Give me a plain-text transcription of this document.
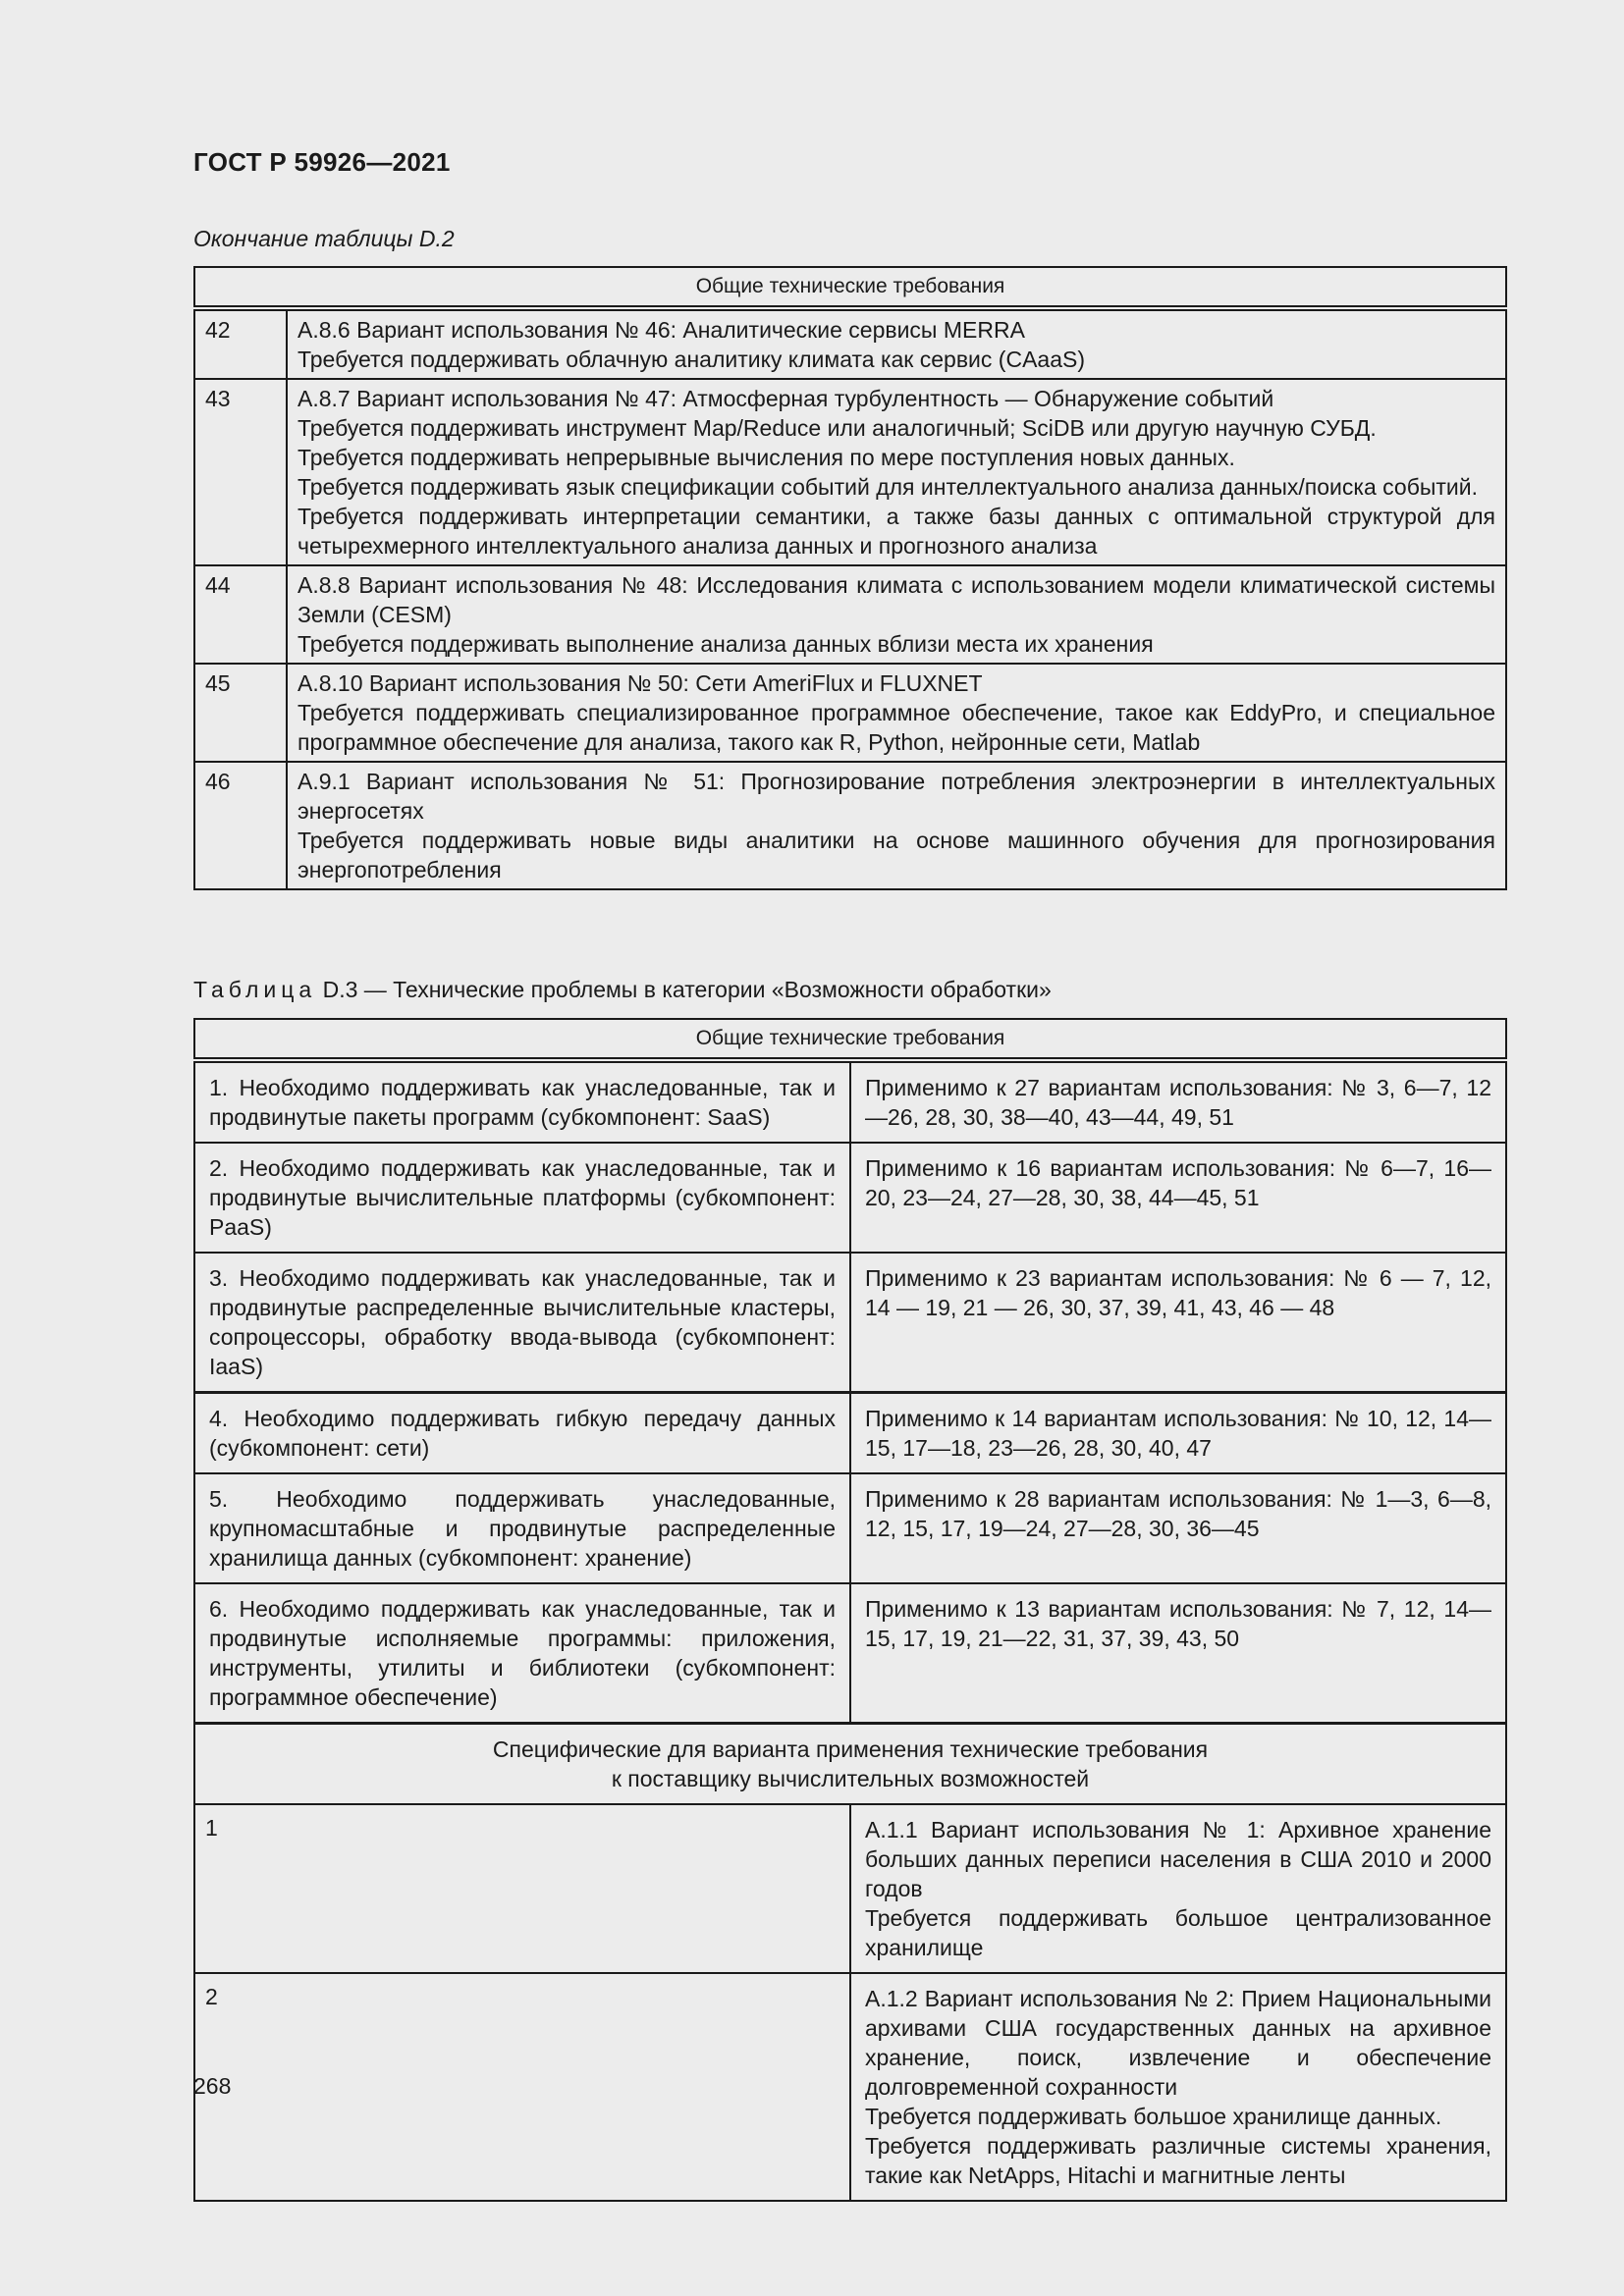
ГОСТ Р 59926—2021
Окончание таблицы D.2
Общие технические требования	
42	А.8.6 Вариант использования № 46: Аналитические сервисы MERRA
Требуется поддерживать облачную аналитику климата как сервис (CAaaS)

43	А.8.7 Вариант использования № 47: Атмосферная турбулентность — Обнаружение событий
Требуется поддерживать инструмент Map/Reduce или аналогичный; SciDB или другую научную СУБД.
Требуется поддерживать непрерывные вычисления по мере поступления новых данных.
Требуется поддерживать язык спецификации событий для интеллектуального анализа данных/поиска событий.
Требуется поддерживать интерпретации семантики, а также базы данных с оптимальной структурой для четырехмерного интеллектуального анализа данных и прогнозного анализа

44	А.8.8 Вариант использования № 48: Исследования климата с использованием модели климатической системы Земли (CESM)
Требуется поддерживать выполнение анализа данных вблизи места их хранения

45	А.8.10 Вариант использования № 50: Сети AmeriFlux и FLUXNET
Требуется поддерживать специализированное программное обеспечение, такое как EddyPro, и специальное программное обеспечение для анализа, такого как R, Python, нейронные сети, Matlab

46	А.9.1 Вариант использования № 51: Прогнозирование потребления электроэнергии в интеллектуальных энергосетях
Требуется поддерживать новые виды аналитики на основе машинного обучения для прогнозирования энергопотребления
Таблица D.3 — Технические проблемы в категории «Возможности обработки»
Общие технические требования	
1. Необходимо поддерживать как унаследованные, так и продвинутые пакеты программ (субкомпонент: SaaS)	Применимо к 27 вариантам использования: № 3, 6—7, 12—26, 28, 30, 38—40, 43—44, 49, 51
2. Необходимо поддерживать как унаследованные, так и продвинутые вычислительные платформы (субкомпонент: PaaS)	Применимо к 16 вариантам использования: № 6—7, 16—20, 23—24, 27—28, 30, 38, 44—45, 51
3. Необходимо поддерживать как унаследованные, так и продвинутые распределенные вычислительные кластеры, сопроцессоры, обработку ввода-вывода (субкомпонент: IaaS)	Применимо к 23 вариантам использования: № 6 — 7, 12, 14 — 19, 21 — 26, 30, 37, 39, 41, 43, 46 — 48
4. Необходимо поддерживать гибкую передачу данных (субкомпонент: сети)	Применимо к 14 вариантам использования: № 10, 12, 14—15, 17—18, 23—26, 28, 30, 40, 47
5. Необходимо поддерживать унаследованные, крупномасштабные и продвинутые распределенные хранилища данных (субкомпонент: хранение)	Применимо к 28 вариантам использования: № 1—3, 6—8, 12, 15, 17, 19—24, 27—28, 30, 36—45
6. Необходимо поддерживать как унаследованные, так и продвинутые исполняемые программы: приложения, инструменты, утилиты и библиотеки (субкомпонент: программное обеспечение)	Применимо к 13 вариантам использования: № 7, 12, 14—15, 17, 19, 21—22, 31, 37, 39, 43, 50

Специфические для варианта применения технические требования
к поставщику вычислительных возможностей	

1	А.1.1 Вариант использования № 1: Архивное хранение больших данных переписи населения в США 2010 и 2000 годов
Требуется поддерживать большое централизованное хранилище

2	А.1.2 Вариант использования № 2: Прием Национальными архивами США государственных данных на архивное хранение, поиск, извлечение и обеспечение долговременной сохранности
Требуется поддерживать большое хранилище данных.
Требуется поддерживать различные системы хранения, такие как NetApps, Hitachi и магнитные ленты
268
